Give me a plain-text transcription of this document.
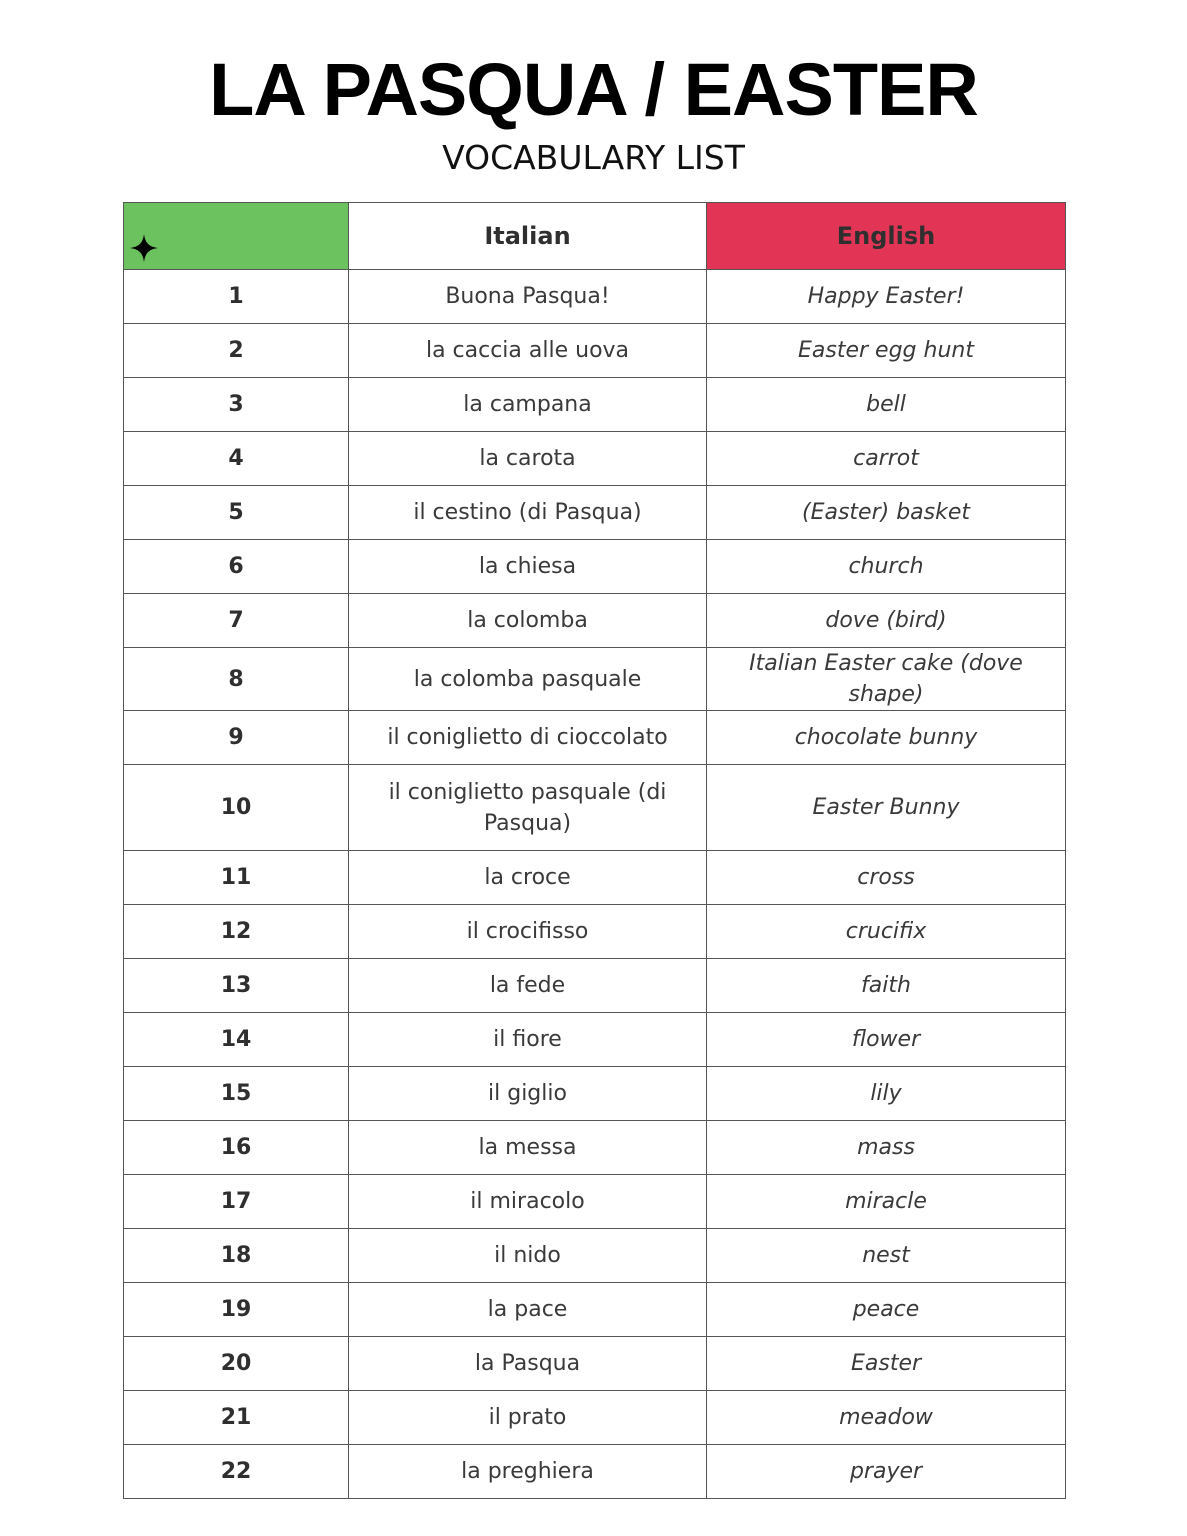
LA PASQUA / EASTER
VOCABULARY LIST
	Italian	English
1	Buona Pasqua!	Happy Easter!
2	la caccia alle uova	Easter egg hunt
3	la campana	bell
4	la carota	carrot
5	il cestino (di Pasqua)	(Easter) basket
6	la chiesa	church
7	la colomba	dove (bird)
8	la colomba pasquale	Italian Easter cake (dove shape)
9	il coniglietto di cioccolato	chocolate bunny
10	il coniglietto pasquale (di Pasqua)	Easter Bunny
11	la croce	cross
12	il crocifisso	crucifix
13	la fede	faith
14	il fiore	flower
15	il giglio	lily
16	la messa	mass
17	il miracolo	miracle
18	il nido	nest
19	la pace	peace
20	la Pasqua	Easter
21	il prato	meadow
22	la preghiera	prayer
